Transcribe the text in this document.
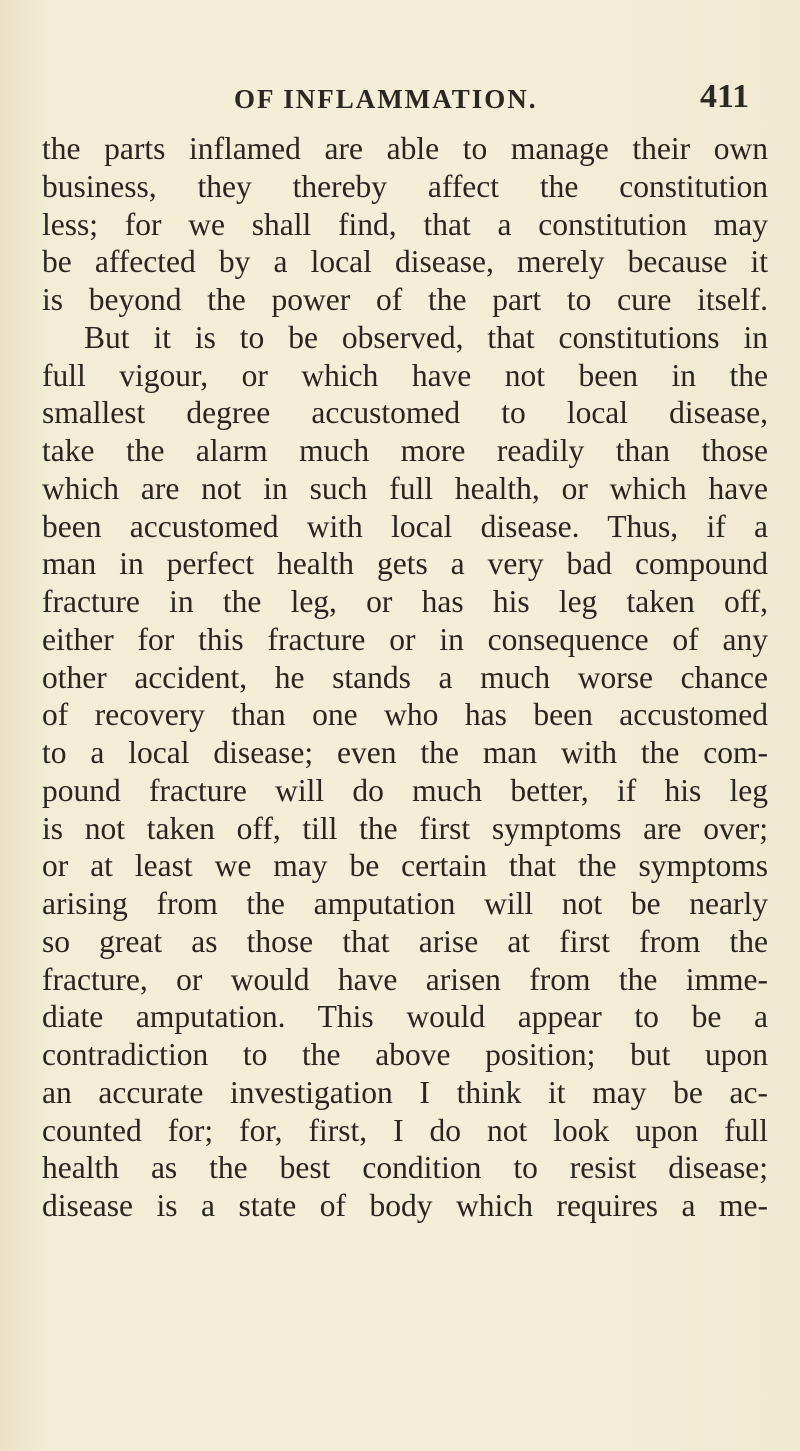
OF INFLAMMATION.	411
the parts inflamed are able to manage their own
business, they thereby affect the constitution
less; for we shall find, that a constitution may
be affected by a local disease, merely because it
is beyond the power of the part to cure itself.
But it is to be observed, that constitutions in
full vigour, or which have not been in the
smallest degree accustomed to local disease,
take the alarm much more readily than those
which are not in such full health, or which have
been accustomed with local disease. Thus, if a
man in perfect health gets a very bad compound
fracture in the leg, or has his leg taken off,
either for this fracture or in consequence of any
other accident, he stands a much worse chance
of recovery than one who has been accustomed
to a local disease; even the man with the com-
pound fracture will do much better, if his leg
is not taken off, till the first symptoms are over;
or at least we may be certain that the symptoms
arising from the amputation will not be nearly
so great as those that arise at first from the
fracture, or would have arisen from the imme-
diate amputation. This would appear to be a
contradiction to the above position; but upon
an accurate investigation I think it may be ac-
counted for; for, first, I do not look upon full
health as the best condition to resist disease;
disease is a state of body which requires a me-
